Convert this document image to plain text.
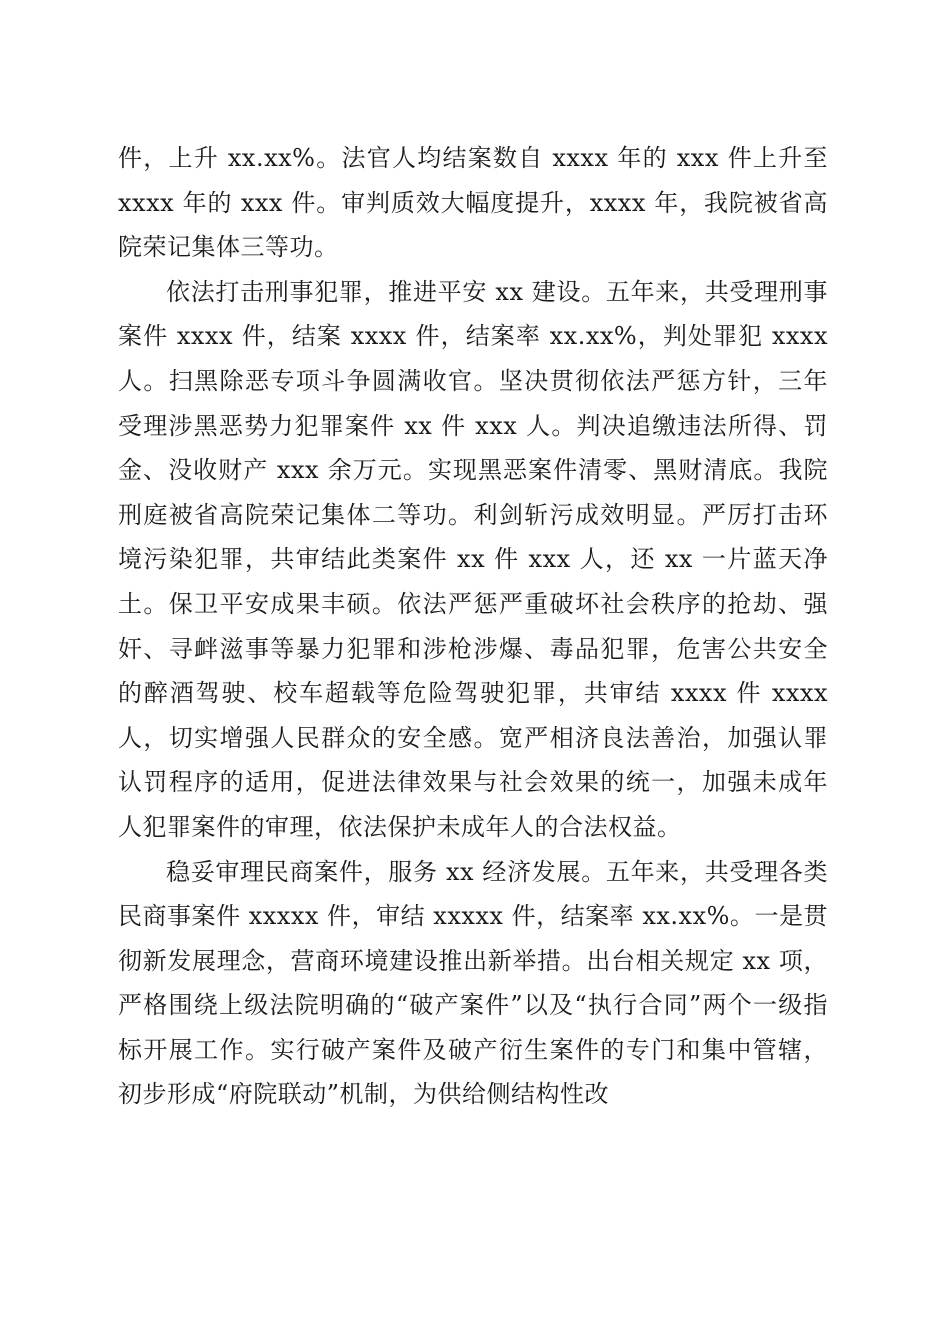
件，上升 xx.xx%。法官人均结案数自 xxxx 年的 xxx 件上升至 xxxx 年的 xxx 件。审判质效大幅度提升，xxxx 年，我院被省高院荣记集体三等功。

依法打击刑事犯罪，推进平安 xx 建设。五年来，共受理刑事案件 xxxx 件，结案 xxxx 件，结案率 xx.xx%，判处罪犯 xxxx 人。扫黑除恶专项斗争圆满收官。坚决贯彻依法严惩方针，三年受理涉黑恶势力犯罪案件 xx 件 xxx 人。判决追缴违法所得、罚金、没收财产 xxx 余万元。实现黑恶案件清零、黑财清底。我院刑庭被省高院荣记集体二等功。利剑斩污成效明显。严厉打击环境污染犯罪，共审结此类案件 xx 件 xxx 人，还 xx 一片蓝天净土。保卫平安成果丰硕。依法严惩严重破坏社会秩序的抢劫、强奸、寻衅滋事等暴力犯罪和涉枪涉爆、毒品犯罪，危害公共安全的醉酒驾驶、校车超载等危险驾驶犯罪，共审结 xxxx 件 xxxx 人，切实增强人民群众的安全感。宽严相济良法善治，加强认罪认罚程序的适用，促进法律效果与社会效果的统一，加强未成年人犯罪案件的审理，依法保护未成年人的合法权益。

稳妥审理民商案件，服务 xx 经济发展。五年来，共受理各类民商事案件 xxxxx 件，审结 xxxxx 件，结案率 xx.xx%。一是贯彻新发展理念，营商环境建设推出新举措。出台相关规定 xx 项，严格围绕上级法院明确的“破产案件”以及“执行合同”两个一级指标开展工作。实行破产案件及破产衍生案件的专门和集中管辖，初步形成“府院联动”机制，为供给侧结构性改
